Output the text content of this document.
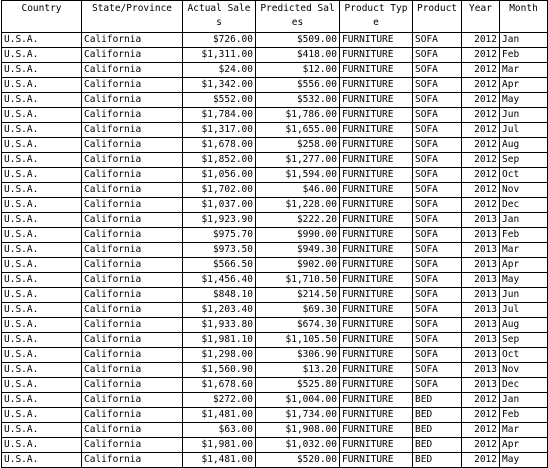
Country	State/Province	Actual Sales	Predicted Sales	Product Type	Product	Year	Month
U.S.A.	California	$726.00	$509.00	FURNITURE	SOFA	2012	Jan
U.S.A.	California	$1,311.00	$418.00	FURNITURE	SOFA	2012	Feb
U.S.A.	California	$24.00	$12.00	FURNITURE	SOFA	2012	Mar
U.S.A.	California	$1,342.00	$556.00	FURNITURE	SOFA	2012	Apr
U.S.A.	California	$552.00	$532.00	FURNITURE	SOFA	2012	May
U.S.A.	California	$1,784.00	$1,786.00	FURNITURE	SOFA	2012	Jun
U.S.A.	California	$1,317.00	$1,655.00	FURNITURE	SOFA	2012	Jul
U.S.A.	California	$1,678.00	$258.00	FURNITURE	SOFA	2012	Aug
U.S.A.	California	$1,852.00	$1,277.00	FURNITURE	SOFA	2012	Sep
U.S.A.	California	$1,056.00	$1,594.00	FURNITURE	SOFA	2012	Oct
U.S.A.	California	$1,702.00	$46.00	FURNITURE	SOFA	2012	Nov
U.S.A.	California	$1,037.00	$1,228.00	FURNITURE	SOFA	2012	Dec
U.S.A.	California	$1,923.90	$222.20	FURNITURE	SOFA	2013	Jan
U.S.A.	California	$975.70	$990.00	FURNITURE	SOFA	2013	Feb
U.S.A.	California	$973.50	$949.30	FURNITURE	SOFA	2013	Mar
U.S.A.	California	$566.50	$902.00	FURNITURE	SOFA	2013	Apr
U.S.A.	California	$1,456.40	$1,710.50	FURNITURE	SOFA	2013	May
U.S.A.	California	$848.10	$214.50	FURNITURE	SOFA	2013	Jun
U.S.A.	California	$1,203.40	$69.30	FURNITURE	SOFA	2013	Jul
U.S.A.	California	$1,933.80	$674.30	FURNITURE	SOFA	2013	Aug
U.S.A.	California	$1,981.10	$1,105.50	FURNITURE	SOFA	2013	Sep
U.S.A.	California	$1,298.00	$306.90	FURNITURE	SOFA	2013	Oct
U.S.A.	California	$1,560.90	$13.20	FURNITURE	SOFA	2013	Nov
U.S.A.	California	$1,678.60	$525.80	FURNITURE	SOFA	2013	Dec
U.S.A.	California	$272.00	$1,004.00	FURNITURE	BED	2012	Jan
U.S.A.	California	$1,481.00	$1,734.00	FURNITURE	BED	2012	Feb
U.S.A.	California	$63.00	$1,908.00	FURNITURE	BED	2012	Mar
U.S.A.	California	$1,981.00	$1,032.00	FURNITURE	BED	2012	Apr
U.S.A.	California	$1,481.00	$520.00	FURNITURE	BED	2012	May
